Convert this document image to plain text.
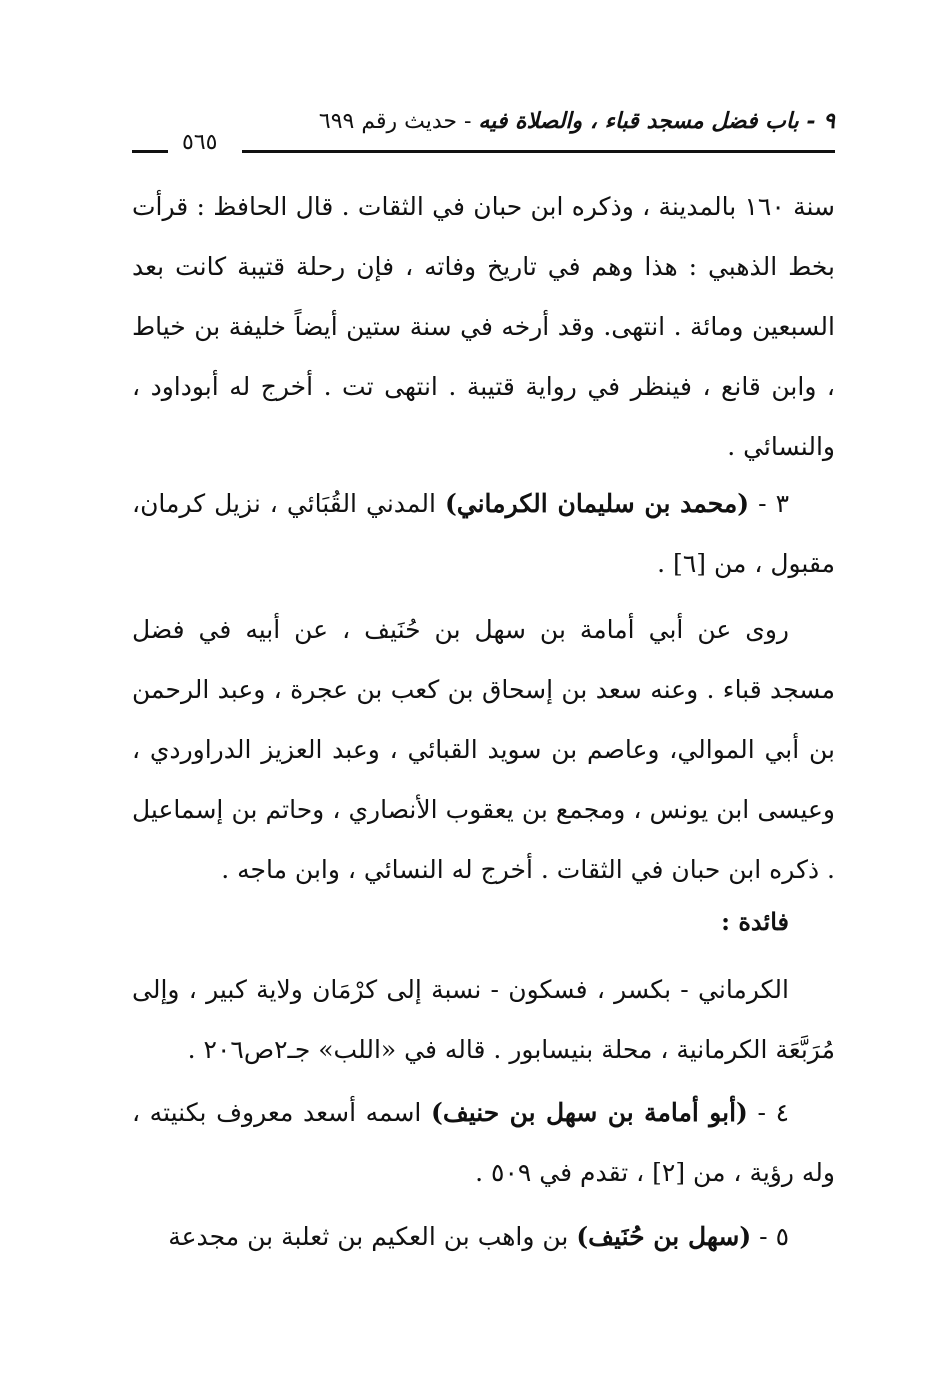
٩ - باب فضل مسجد قباء ، والصلاة فيه - حديث رقم ٦٩٩
٥٦٥

سنة ١٦٠ بالمدينة ، وذكره ابن حبان في الثقات . قال الحافظ : قرأت بخط الذهبي : هذا وهم في تاريخ وفاته ، فإن رحلة قتيبة كانت بعد السبعين ومائة . انتهى. وقد أرخه في سنة ستين أيضاً خليفة بن خياط ، وابن قانع ، فينظر في رواية قتيبة . انتهى تت . أخرج له أبوداود ، والنسائي .

٣ - (محمد بن سليمان الكرماني) المدني القُبَائي ، نزيل كرمان، مقبول ، من [٦] .

روى عن أبي أمامة بن سهل بن حُنَيف ، عن أبيه في فضل مسجد قباء . وعنه سعد بن إسحاق بن كعب بن عجرة ، وعبد الرحمن بن أبي الموالي، وعاصم بن سويد القبائي ، وعبد العزيز الدراوردي ، وعيسى ابن يونس ، ومجمع بن يعقوب الأنصاري ، وحاتم بن إسماعيل . ذكره ابن حبان في الثقات . أخرج له النسائي ، وابن ماجه .

فائدة :

الكرماني - بكسر ، فسكون - نسبة إلى كرْمَان ولاية كبير ، وإلى مُرَبَّعَة الكرمانية ، محلة بنيسابور . قاله في «اللب» جـ٢ص٢٠٦ .

٤ - (أبو أمامة بن سهل بن حنيف) اسمه أسعد معروف بكنيته ، وله رؤية ، من [٢] ، تقدم في ٥٠٩ .

٥ - (سهل بن حُنَيف) بن واهب بن العكيم بن ثعلبة بن مجدعة
